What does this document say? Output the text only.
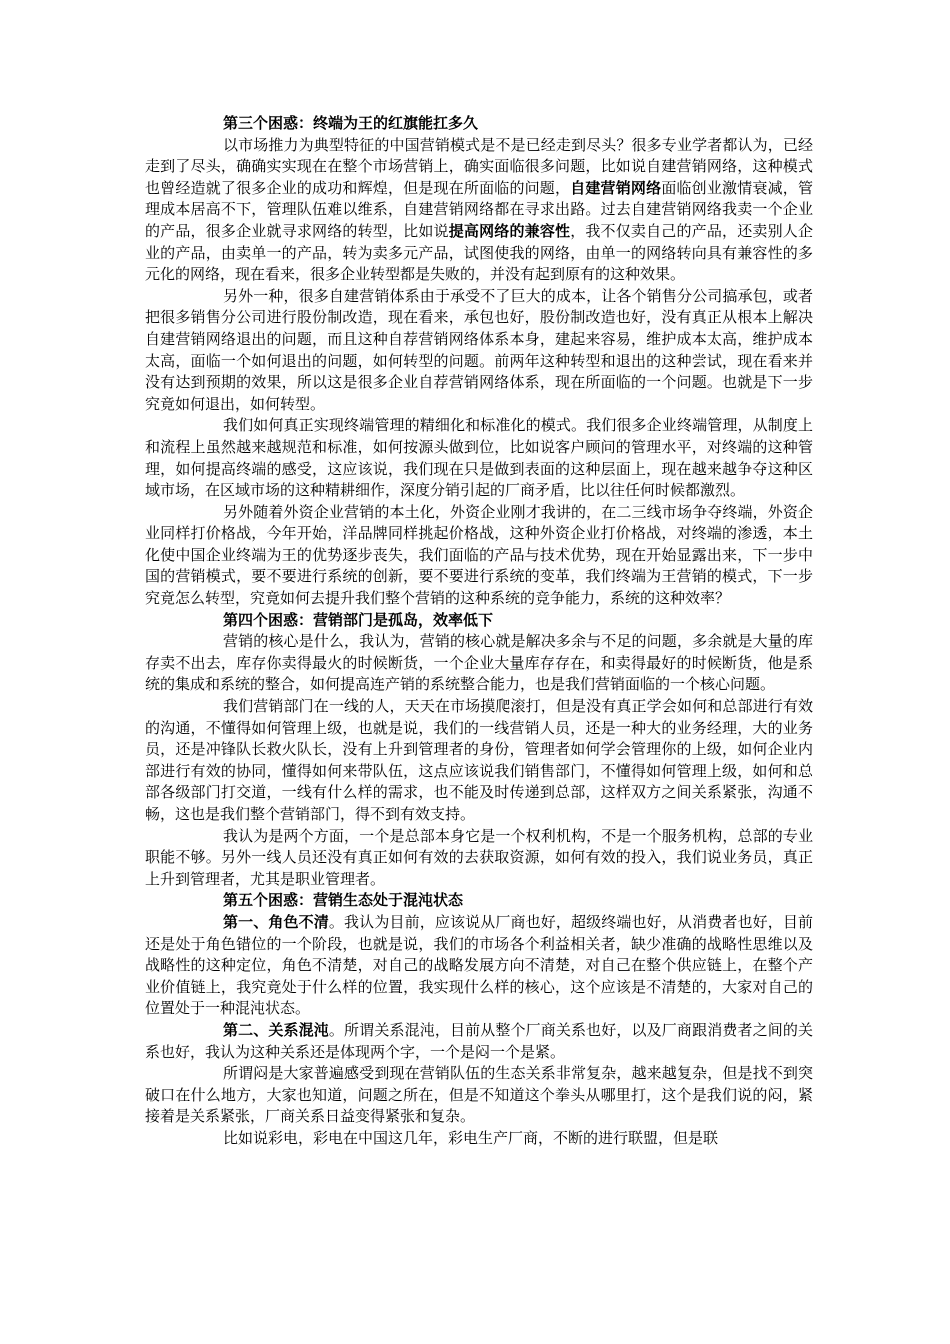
第三个困惑：终端为王的红旗能扛多久

以市场推力为典型特征的中国营销模式是不是已经走到尽头？很多专业学者都认为，已经走到了尽头，确确实实现在在整个市场营销上，确实面临很多问题，比如说自建营销网络，这种模式也曾经造就了很多企业的成功和辉煌，但是现在所面临的问题，自建营销网络面临创业激情衰减，管理成本居高不下，管理队伍难以维系，自建营销网络都在寻求出路。过去自建营销网络我卖一个企业的产品，很多企业就寻求网络的转型，比如说提高网络的兼容性，我不仅卖自己的产品，还卖别人企业的产品，由卖单一的产品，转为卖多元产品，试图使我的网络，由单一的网络转向具有兼容性的多元化的网络，现在看来，很多企业转型都是失败的，并没有起到原有的这种效果。

另外一种，很多自建营销体系由于承受不了巨大的成本，让各个销售分公司搞承包，或者把很多销售分公司进行股份制改造，现在看来，承包也好，股份制改造也好，没有真正从根本上解决自建营销网络退出的问题，而且这种自荐营销网络体系本身，建起来容易，维护成本太高，维护成本太高，面临一个如何退出的问题，如何转型的问题。前两年这种转型和退出的这种尝试，现在看来并没有达到预期的效果，所以这是很多企业自荐营销网络体系，现在所面临的一个问题。也就是下一步究竟如何退出，如何转型。

我们如何真正实现终端管理的精细化和标准化的模式。我们很多企业终端管理，从制度上和流程上虽然越来越规范和标准，如何按源头做到位，比如说客户顾问的管理水平，对终端的这种管理，如何提高终端的感受，这应该说，我们现在只是做到表面的这种层面上，现在越来越争夺这种区域市场，在区域市场的这种精耕细作，深度分销引起的厂商矛盾，比以往任何时候都激烈。

另外随着外资企业营销的本土化，外资企业刚才我讲的，在二三线市场争夺终端，外资企业同样打价格战，今年开始，洋品牌同样挑起价格战，这种外资企业打价格战，对终端的渗透，本土化使中国企业终端为王的优势逐步丧失，我们面临的产品与技术优势，现在开始显露出来，下一步中国的营销模式，要不要进行系统的创新，要不要进行系统的变革，我们终端为王营销的模式，下一步究竟怎么转型，究竟如何去提升我们整个营销的这种系统的竞争能力，系统的这种效率？

第四个困惑：营销部门是孤岛，效率低下

营销的核心是什么，我认为，营销的核心就是解决多余与不足的问题，多余就是大量的库存卖不出去，库存你卖得最火的时候断货，一个企业大量库存存在，和卖得最好的时候断货，他是系统的集成和系统的整合，如何提高连产销的系统整合能力，也是我们营销面临的一个核心问题。

我们营销部门在一线的人，天天在市场摸爬滚打，但是没有真正学会如何和总部进行有效的沟通，不懂得如何管理上级，也就是说，我们的一线营销人员，还是一种大的业务经理，大的业务员，还是冲锋队长救火队长，没有上升到管理者的身份，管理者如何学会管理你的上级，如何企业内部进行有效的协同，懂得如何来带队伍，这点应该说我们销售部门，不懂得如何管理上级，如何和总部各级部门打交道，一线有什么样的需求，也不能及时传递到总部，这样双方之间关系紧张，沟通不畅，这也是我们整个营销部门，得不到有效支持。

我认为是两个方面，一个是总部本身它是一个权利机构，不是一个服务机构，总部的专业职能不够。另外一线人员还没有真正如何有效的去获取资源，如何有效的投入，我们说业务员，真正上升到管理者，尤其是职业管理者。

第五个困惑：营销生态处于混沌状态

第一、角色不清。我认为目前，应该说从厂商也好，超级终端也好，从消费者也好，目前还是处于角色错位的一个阶段，也就是说，我们的市场各个利益相关者，缺少准确的战略性思维以及战略性的这种定位，角色不清楚，对自己的战略发展方向不清楚，对自己在整个供应链上，在整个产业价值链上，我究竟处于什么样的位置，我实现什么样的核心，这个应该是不清楚的，大家对自己的位置处于一种混沌状态。

第二、关系混沌。所谓关系混沌，目前从整个厂商关系也好，以及厂商跟消费者之间的关系也好，我认为这种关系还是体现两个字，一个是闷一个是紧。

所谓闷是大家普遍感受到现在营销队伍的生态关系非常复杂，越来越复杂，但是找不到突破口在什么地方，大家也知道，问题之所在，但是不知道这个拳头从哪里打，这个是我们说的闷，紧接着是关系紧张，厂商关系日益变得紧张和复杂。

比如说彩电，彩电在中国这几年，彩电生产厂商，不断的进行联盟，但是联
